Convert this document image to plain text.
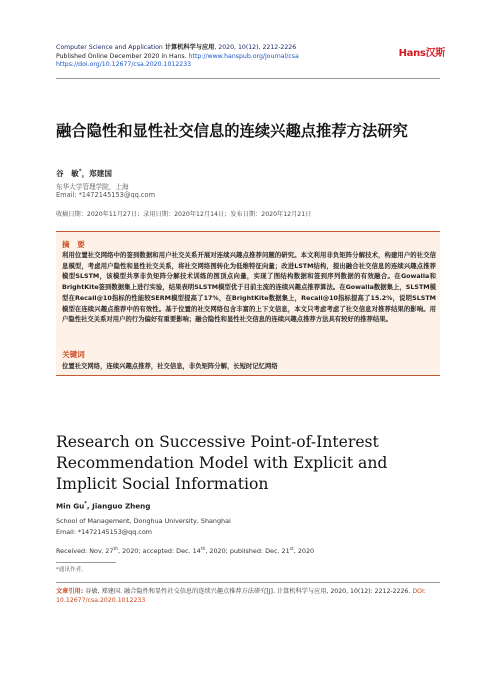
Computer Science and Application 计算机科学与应用, 2020, 10(12), 2212-2226
Published Online December 2020 in Hans. http://www.hanspub.org/journal/csa
https://doi.org/10.12677/csa.2020.1012233
Hans汉斯
融合隐性和显性社交信息的连续兴趣点推荐方法研究
谷　敏*，郑建国
东华大学管理学院，上海
Email: *1472145153@qq.com
收稿日期：2020年11月27日；录用日期：2020年12月14日；发布日期：2020年12月21日
摘　要
利用位置社交网络中的签到数据和用户社交关系开展对连续兴趣点推荐问题的研究。本文利用非负矩阵分解技术，构建用户的社交信息模型，考虑用户隐性和显性社交关系，将社交网络图转化为低维特征向量；改进LSTM结构，提出融合社交信息的连续兴趣点推荐模型SLSTM，该模型共享非负矩阵分解技术训练的图顶点向量，实现了图结构数据和签到序列数据的有效融合。在Gowalla和BrightKite签到数据集上进行实验，结果表明SLSTM模型优于目前主流的连续兴趣点推荐算法。在Gowalla数据集上，SLSTM模型在Recall@10指标的性能较SERM模型提高了17%，在BrightKite数据集上，Recall@10指标提高了15.2%，说明SLSTM模型在连续兴趣点推荐中的有效性。基于位置的社交网络包含丰富的上下文信息，本文只考虑考虑了社交信息对推荐结果的影响。用户隐性社交关系对用户的行为偏好有重要影响；融合隐性和显性社交信息的连续兴趣点推荐方法具有较好的推荐结果。
关键词
位置社交网络，连续兴趣点推荐，社交信息，非负矩阵分解，长短时记忆网络
Research on Successive Point-of-Interest Recommendation Model with Explicit and Implicit Social Information
Min Gu*, Jianguo Zheng
School of Management, Donghua University, Shanghai
Email: *1472145153@qq.com
Received: Nov. 27th, 2020; accepted: Dec. 14th, 2020; published: Dec. 21st, 2020
*通讯作者。
文章引用: 谷敏, 郑建国. 融合隐性和显性社交信息的连续兴趣点推荐方法研究[J]. 计算机科学与应用, 2020, 10(12): 2212-2226. DOI: 10.12677/csa.2020.1012233
